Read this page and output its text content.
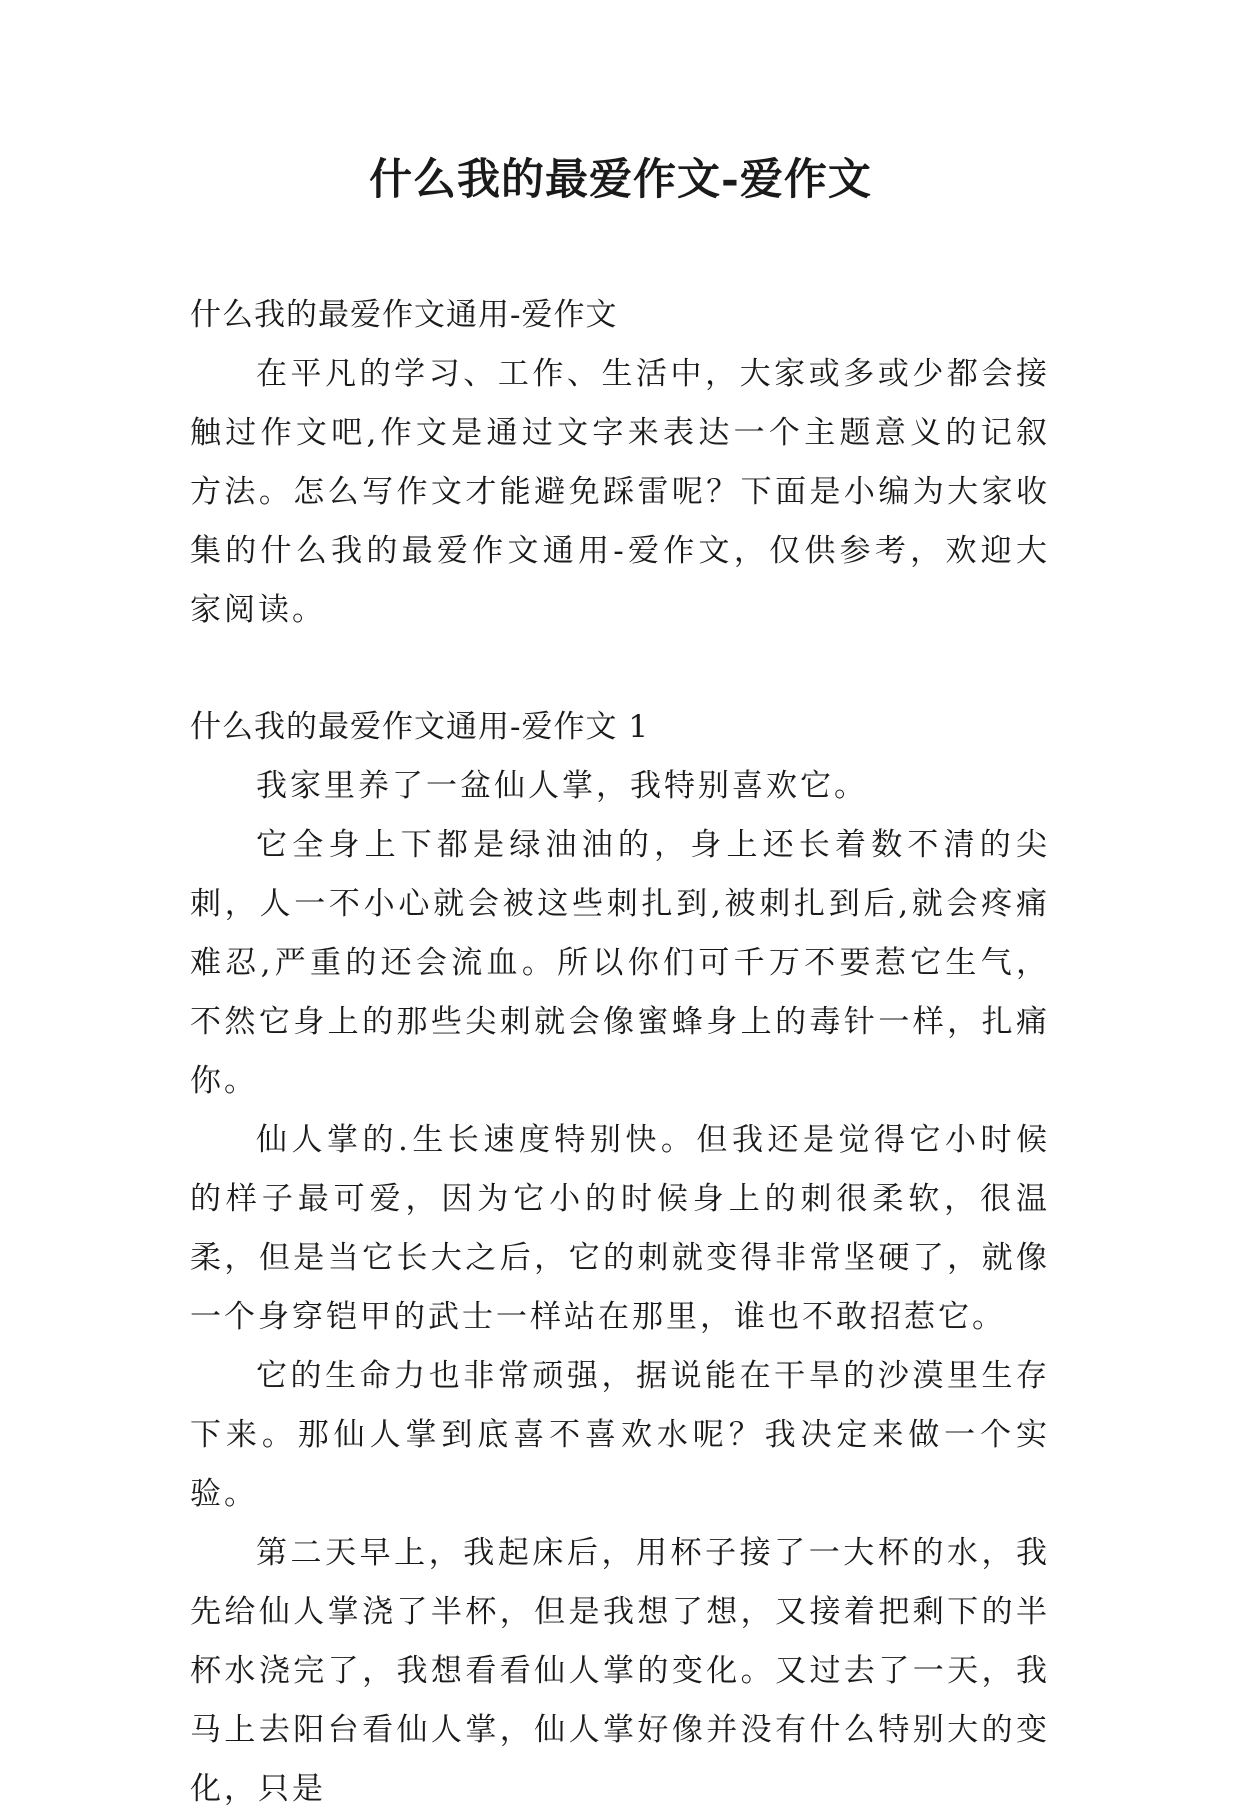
什么我的最爱作文-爱作文

什么我的最爱作文通用-爱作文

在平凡的学习、工作、生活中，大家或多或少都会接触过作文吧,作文是通过文字来表达一个主题意义的记叙方法。怎么写作文才能避免踩雷呢？下面是小编为大家收集的什么我的最爱作文通用-爱作文，仅供参考，欢迎大家阅读。

什么我的最爱作文通用-爱作文 1

我家里养了一盆仙人掌，我特别喜欢它。

它全身上下都是绿油油的，身上还长着数不清的尖刺，人一不小心就会被这些刺扎到,被刺扎到后,就会疼痛难忍,严重的还会流血。所以你们可千万不要惹它生气，不然它身上的那些尖刺就会像蜜蜂身上的毒针一样，扎痛你。

仙人掌的.生长速度特别快。但我还是觉得它小时候的样子最可爱，因为它小的时候身上的刺很柔软，很温柔，但是当它长大之后，它的刺就变得非常坚硬了，就像一个身穿铠甲的武士一样站在那里，谁也不敢招惹它。

它的生命力也非常顽强，据说能在干旱的沙漠里生存下来。那仙人掌到底喜不喜欢水呢？我决定来做一个实验。

第二天早上，我起床后，用杯子接了一大杯的水，我先给仙人掌浇了半杯，但是我想了想，又接着把剩下的半杯水浇完了，我想看看仙人掌的变化。又过去了一天，我马上去阳台看仙人掌，仙人掌好像并没有什么特别大的变化，只是
